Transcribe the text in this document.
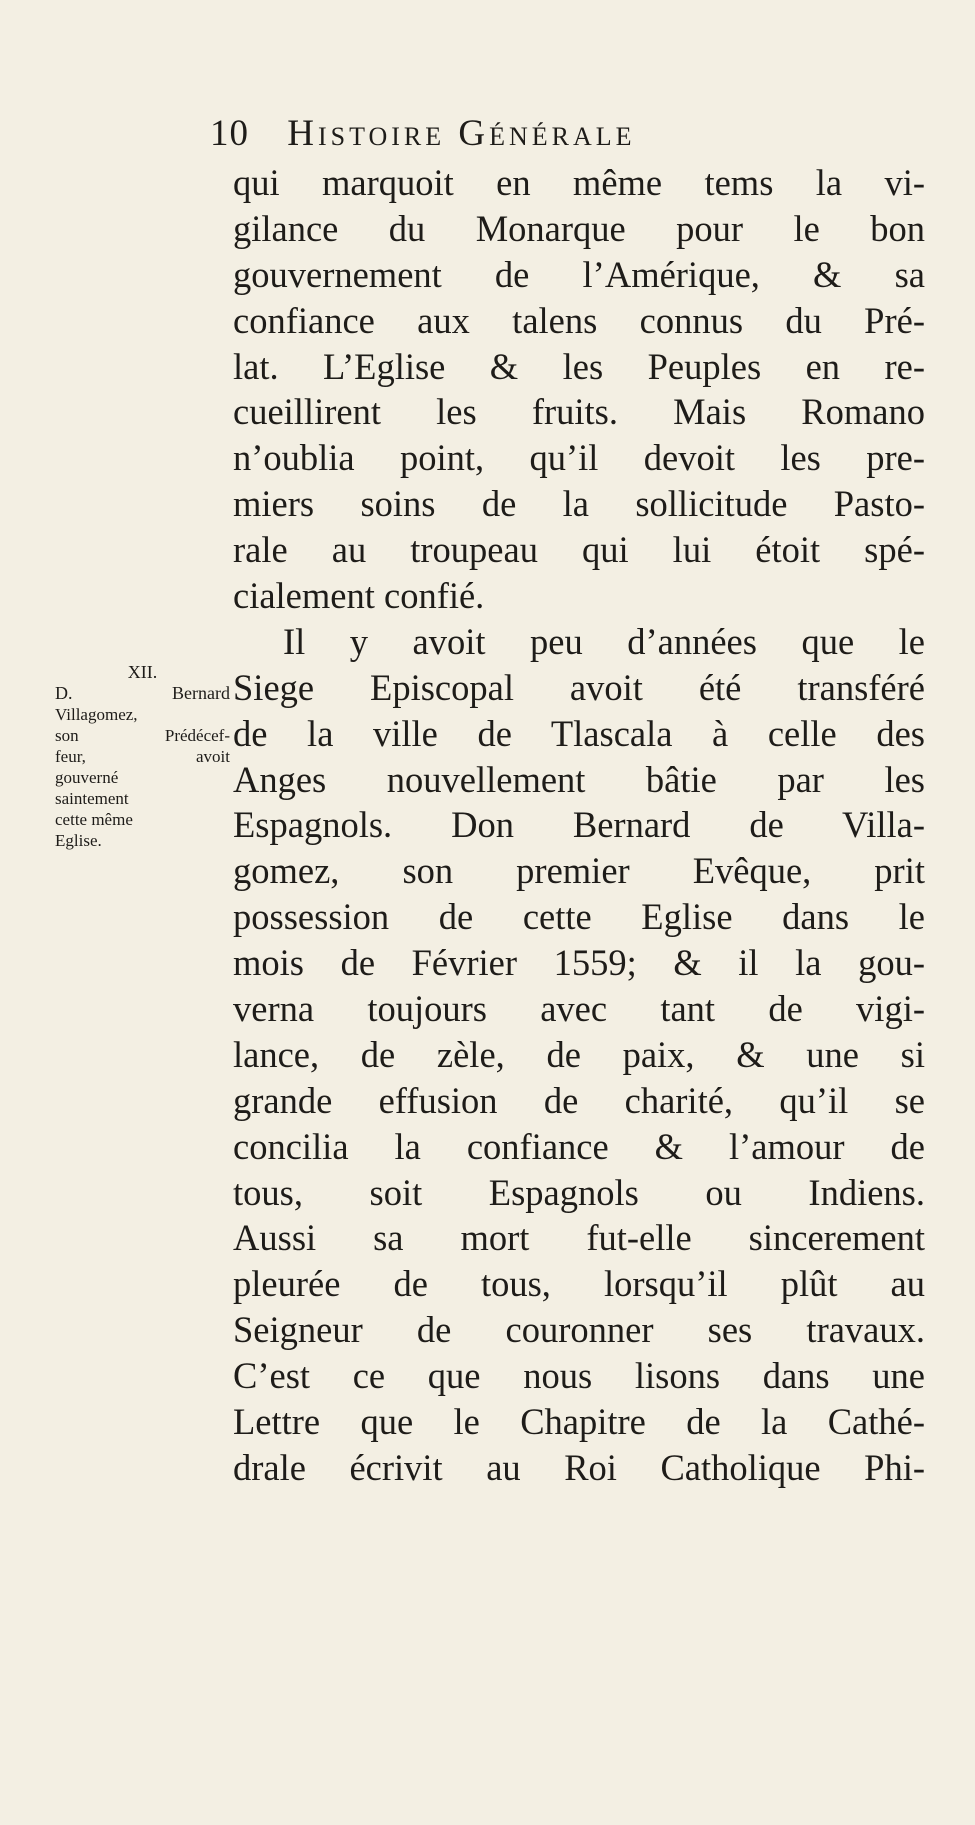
10 Histoire Générale
qui marquoit en même tems la vi-
gilance du Monarque pour le bon
gouvernement de l’Amérique, & sa
confiance aux talens connus du Pré-
lat. L’Eglise & les Peuples en re-
cueillirent les fruits. Mais Romano
n’oublia point, qu’il devoit les pre-
miers soins de la sollicitude Pasto-
rale au troupeau qui lui étoit spé-
cialement confié.
Il y avoit peu d’années que le
Siege Episcopal avoit été transféré
de la ville de Tlascala à celle des
Anges nouvellement bâtie par les
Espagnols. Don Bernard de Villa-
gomez, son premier Evêque, prit
possession de cette Eglise dans le
mois de Février 1559; & il la gou-
verna toujours avec tant de vigi-
lance, de zèle, de paix, & une si
grande effusion de charité, qu’il se
concilia la confiance & l’amour de
tous, soit Espagnols ou Indiens.
Aussi sa mort fut-elle sincerement
pleurée de tous, lorsqu’il plût au
Seigneur de couronner ses travaux.
C’est ce que nous lisons dans une
Lettre que le Chapitre de la Cathé-
drale écrivit au Roi Catholique Phi-
XII.
D. Bernard
Villagomez,
son Prédécef-
feur, avoit
gouverné
saintement
cette même
Eglise.
